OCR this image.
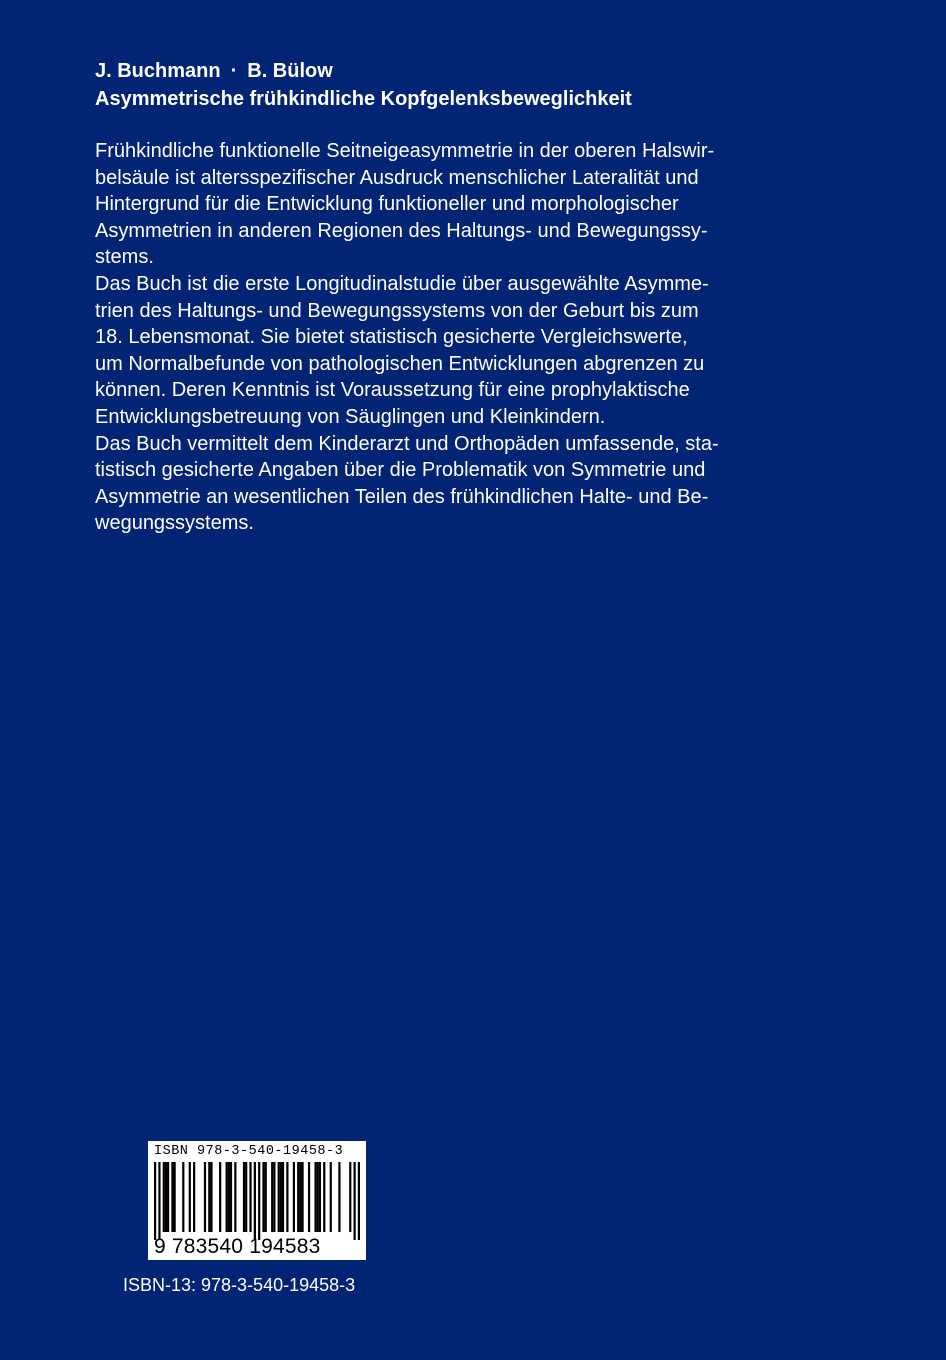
J. Buchmann · B. Bülow

Asymmetrische frühkindliche Kopfgelenksbeweglichkeit

Frühkindliche funktionelle Seitneigeasymmetrie in der oberen Halswir-
belsäule ist altersspezifischer Ausdruck menschlicher Lateralität und
Hintergrund für die Entwicklung funktioneller und morphologischer
Asymmetrien in anderen Regionen des Haltungs- und Bewegungssy-
stems.

Das Buch ist die erste Longitudinalstudie über ausgewählte Asymme-
trien des Haltungs- und Bewegungssystems von der Geburt bis zum
18. Lebensmonat. Sie bietet statistisch gesicherte Vergleichswerte,
um Normalbefunde von pathologischen Entwicklungen abgrenzen zu
können. Deren Kenntnis ist Voraussetzung für eine prophylaktische
Entwicklungsbetreuung von Säuglingen und Kleinkindern.

Das Buch vermittelt dem Kinderarzt und Orthopäden umfassende, sta-
tistisch gesicherte Angaben über die Problematik von Symmetrie und
Asymmetrie an wesentlichen Teilen des frühkindlichen Halte- und Be-
wegungssystems.

ISBN 978-3-540-19458-3
9 783540 194583
ISBN-13: 978-3-540-19458-3
